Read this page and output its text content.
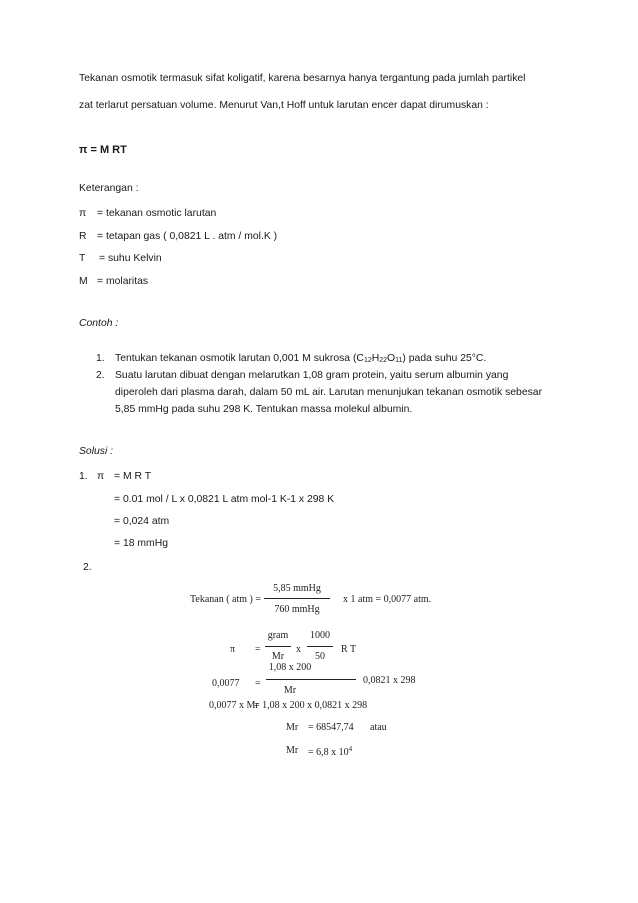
Tekanan osmotik termasuk sifat koligatif, karena besarnya hanya tergantung pada jumlah partikel
zat terlarut persatuan volume. Menurut Van,t Hoff untuk larutan encer dapat dirumuskan :
π = M RT
Keterangan :
π = tekanan osmotic larutan
R = tetapan gas ( 0,0821 L . atm / mol.K )
T = suhu Kelvin
M = molaritas
Contoh :
1. Tentukan tekanan osmotik larutan 0,001 M sukrosa $(C_{12}H_{22}O_{11})$ pada suhu 25°C.
2. Suatu larutan dibuat dengan melarutkan 1,08 gram protein, yaitu serum albumin yang
diperoleh dari plasma darah, dalam 50 mL air. Larutan menunjukan tekanan osmotik sebesar
5,85 mmHg pada suhu 298 K. Tentukan massa molekul albumin.
Solusi :
1. π = M R T
= 0.01 mol / L x 0,0821 L atm mol-1 K-1 x 298 K
= 0,024 atm
= 18 mmHg
2.
Tekanan ( atm ) =
5,85 mmHg
760 mmHg
x 1 atm = 0,0077 atm.
π =
gram
Mr
x
1000
50
R T
0,0077 =
1,08 x 200
Mr
0,0821 x 298
0,0077 x Mr
= 1,08 x 200 x 0,0821 x 298
Mr = 68547,74 atau
Mr = 6,8 x $10^4$
